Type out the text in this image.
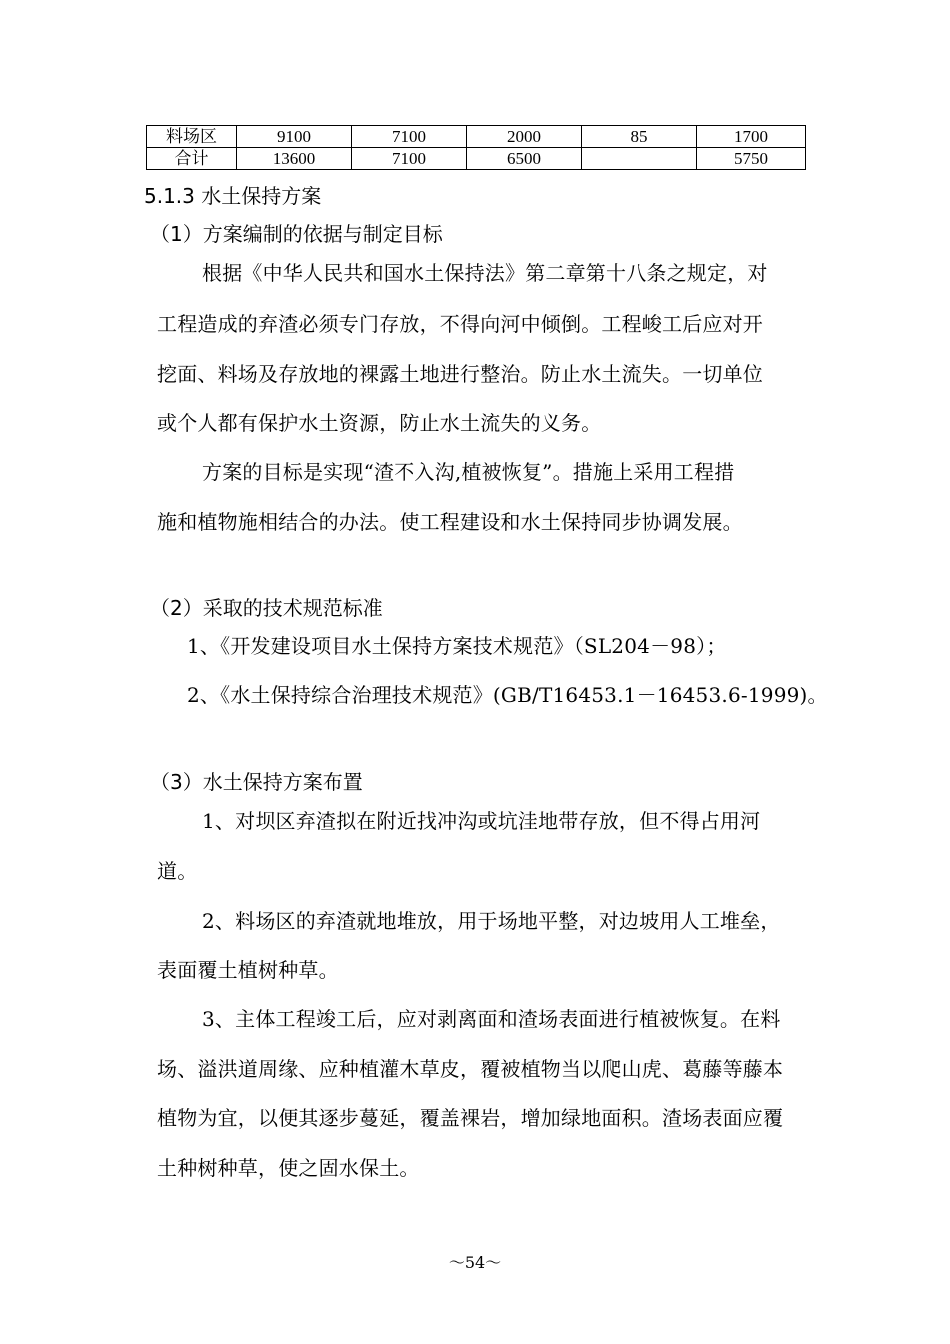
料场区	9100	7100	2000	85	1700
合计	13600	7100	6500		5750
5.1.3 水土保持方案
（1）方案编制的依据与制定目标
根据《中华人民共和国水土保持法》第二章第十八条之规定，对
工程造成的弃渣必须专门存放，不得向河中倾倒。工程峻工后应对开
挖面、料场及存放地的裸露土地进行整治。防止水土流失。一切单位
或个人都有保护水土资源，防止水土流失的义务。
方案的目标是实现“渣不入沟,植被恢复”。措施上采用工程措
施和植物施相结合的办法。使工程建设和水土保持同步协调发展。
（2）采取的技术规范标准
1、《开发建设项目水土保持方案技术规范》（SL204－98）；
2、《水土保持综合治理技术规范》(GB/T16453.1－16453.6-1999)。
（3）水土保持方案布置
1、对坝区弃渣拟在附近找冲沟或坑洼地带存放，但不得占用河
道。
2、料场区的弃渣就地堆放，用于场地平整，对边坡用人工堆垒，
表面覆土植树种草。
3、主体工程竣工后，应对剥离面和渣场表面进行植被恢复。在料
场、溢洪道周缘、应种植灌木草皮，覆被植物当以爬山虎、葛藤等藤本
植物为宜，以便其逐步蔓延，覆盖裸岩，增加绿地面积。渣场表面应覆
土种树种草，使之固水保土。
～54～
